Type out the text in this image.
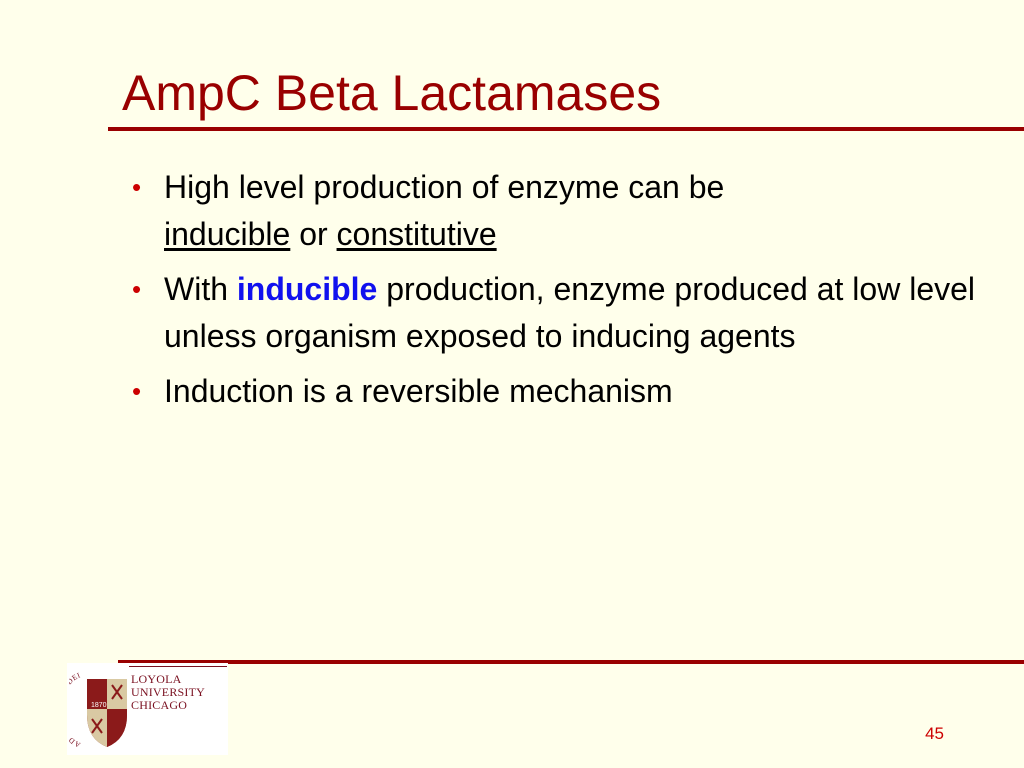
AmpC Beta Lactamases
• High level production of enzyme can be
inducible or constitutive
• With inducible production, enzyme produced at low level unless organism exposed to inducing agents
• Induction is a reversible mechanism
A EI
1870
LOYOLA
UNIVERSITY
CHICAGO
45
